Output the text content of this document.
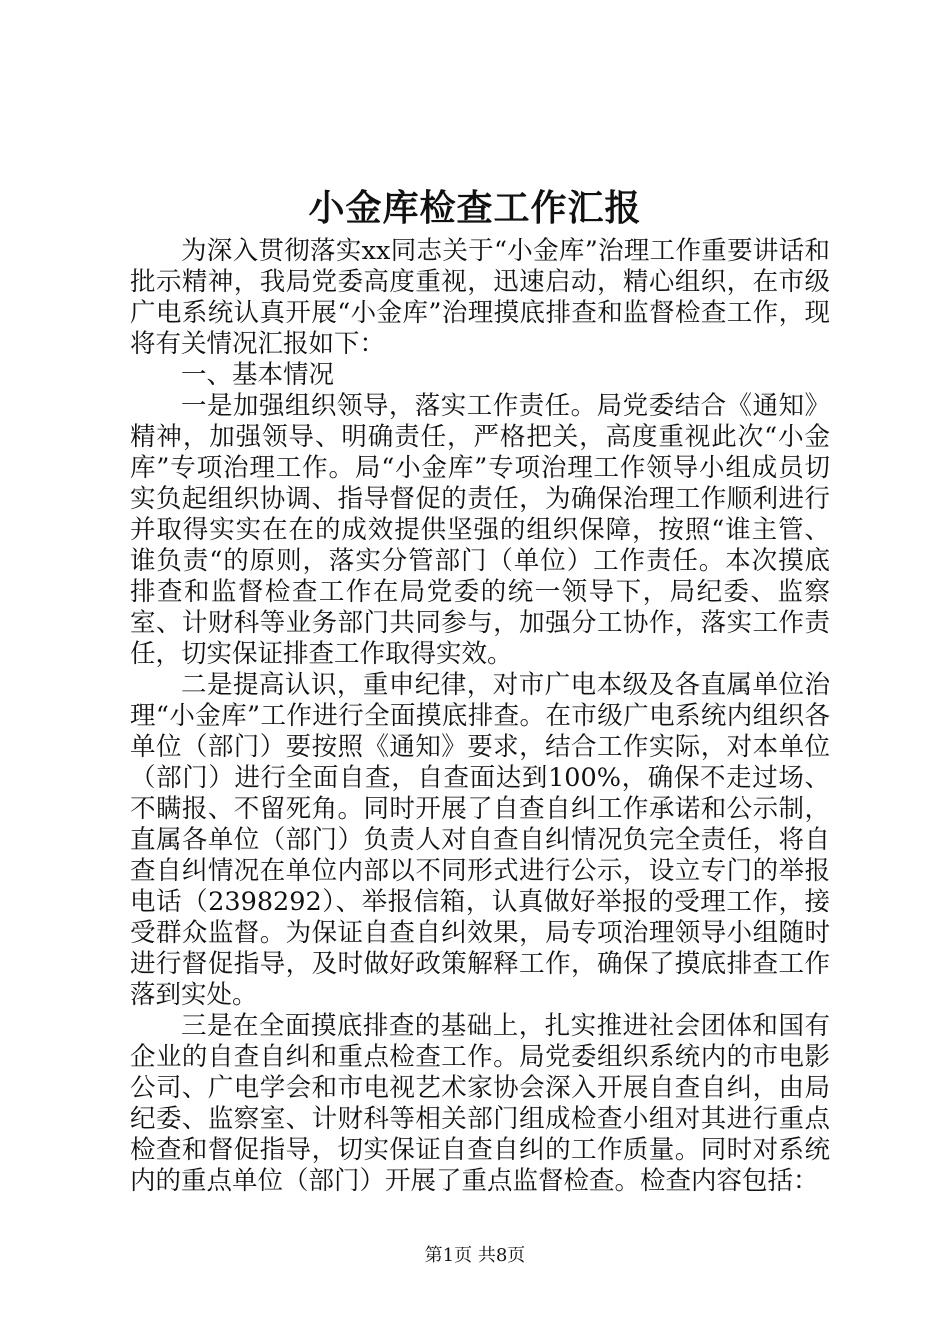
小金库检查工作汇报

为深入贯彻落实xx同志关于“小金库”治理工作重要讲话和批示精神，我局党委高度重视，迅速启动，精心组织，在市级广电系统认真开展“小金库”治理摸底排查和监督检查工作，现将有关情况汇报如下：

一、基本情况

一是加强组织领导，落实工作责任。局党委结合《通知》精神，加强领导、明确责任，严格把关，高度重视此次“小金库”专项治理工作。局“小金库”专项治理工作领导小组成员切实负起组织协调、指导督促的责任，为确保治理工作顺利进行并取得实实在在的成效提供坚强的组织保障，按照“谁主管、谁负责“的原则，落实分管部门（单位）工作责任。本次摸底排查和监督检查工作在局党委的统一领导下，局纪委、监察室、计财科等业务部门共同参与，加强分工协作，落实工作责任，切实保证排查工作取得实效。

二是提高认识，重申纪律，对市广电本级及各直属单位治理“小金库”工作进行全面摸底排查。在市级广电系统内组织各单位（部门）要按照《通知》要求，结合工作实际，对本单位（部门）进行全面自查，自查面达到100%，确保不走过场、不瞒报、不留死角。同时开展了自查自纠工作承诺和公示制，直属各单位（部门）负责人对自查自纠情况负完全责任，将自查自纠情况在单位内部以不同形式进行公示，设立专门的举报电话（2398292）、举报信箱，认真做好举报的受理工作，接受群众监督。为保证自查自纠效果，局专项治理领导小组随时进行督促指导，及时做好政策解释工作，确保了摸底排查工作落到实处。

三是在全面摸底排查的基础上，扎实推进社会团体和国有企业的自查自纠和重点检查工作。局党委组织系统内的市电影公司、广电学会和市电视艺术家协会深入开展自查自纠，由局纪委、监察室、计财科等相关部门组成检查小组对其进行重点检查和督促指导，切实保证自查自纠的工作质量。同时对系统内的重点单位（部门）开展了重点监督检查。检查内容包括：

第1页 共8页
